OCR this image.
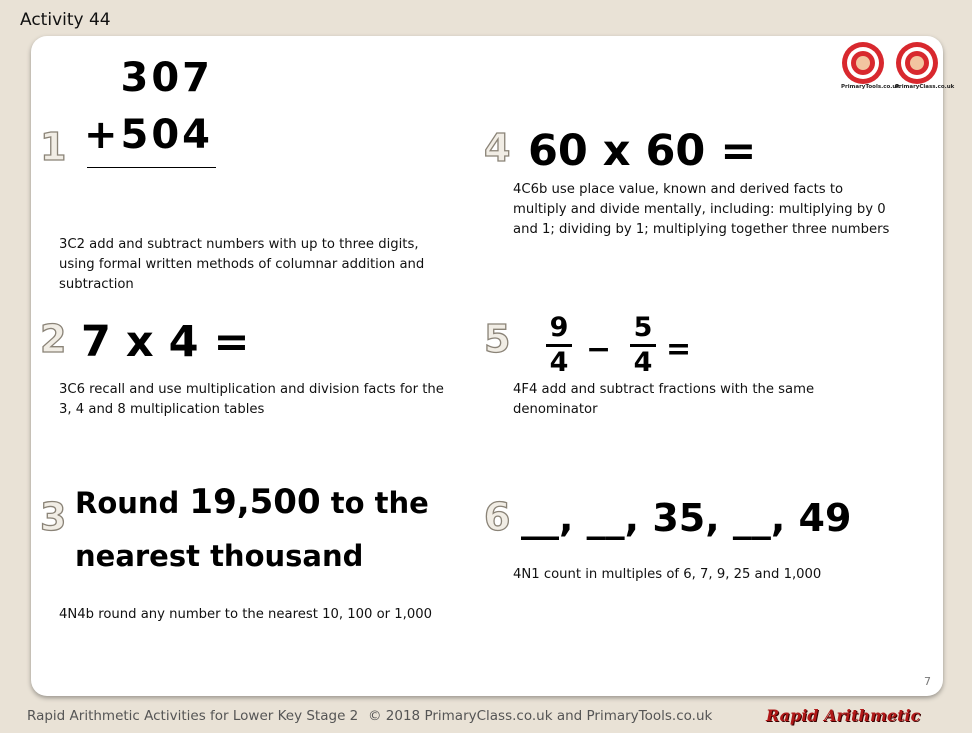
Activity 44
PrimaryTools.co.uk
PrimaryClass.co.uk
1
307
+504
3C2 add and subtract numbers with up to three digits, using formal written methods of columnar addition and subtraction
2 7 x 4 =
3C6 recall and use multiplication and division facts for the 3, 4 and 8 multiplication tables
3 Round 19,500 to the
nearest thousand
4N4b round any number to the nearest 10, 100 or 1,000
4 60 x 60 =
4C6b use place value, known and derived facts to multiply and divide mentally, including: multiplying by 0 and 1; dividing by 1; multiplying together three numbers
5 9
4 −
5
4 =
4F4 add and subtract fractions with the same denominator
6 __, __, 35, __, 49
4N1 count in multiples of 6, 7, 9, 25 and 1,000
7
Rapid Arithmetic Activities for Lower Key Stage 2 © 2018 PrimaryClass.co.uk and PrimaryTools.co.uk	Rapid Arithmetic
